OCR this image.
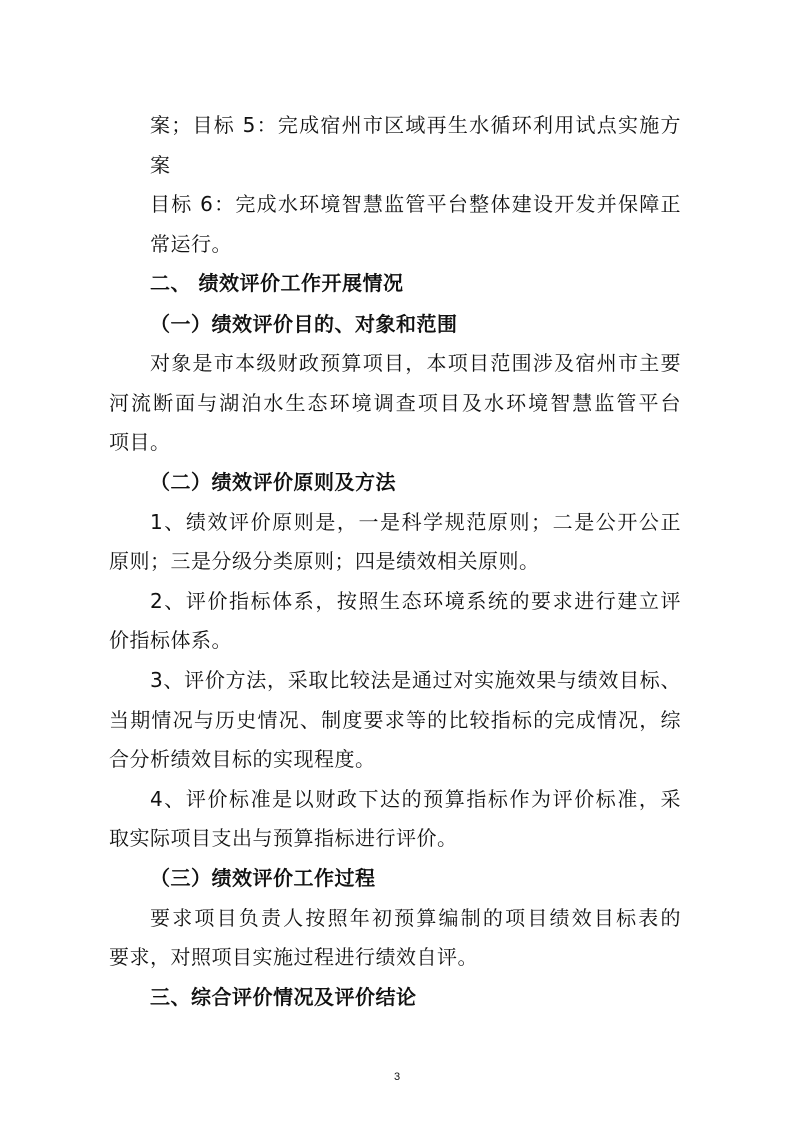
案；目标 5：完成宿州市区域再生水循环利用试点实施方
案
目标 6：完成水环境智慧监管平台整体建设开发并保障正
常运行。
二、 绩效评价工作开展情况
（一）绩效评价目的、对象和范围
对象是市本级财政预算项目，本项目范围涉及宿州市主要
河流断面与湖泊水生态环境调查项目及水环境智慧监管平台
项目。
（二）绩效评价原则及方法
1、绩效评价原则是，一是科学规范原则；二是公开公正
原则；三是分级分类原则；四是绩效相关原则。
2、评价指标体系，按照生态环境系统的要求进行建立评
价指标体系。
3、评价方法，采取比较法是通过对实施效果与绩效目标、
当期情况与历史情况、制度要求等的比较指标的完成情况，综
合分析绩效目标的实现程度。
4、评价标准是以财政下达的预算指标作为评价标准，采
取实际项目支出与预算指标进行评价。
（三）绩效评价工作过程
要求项目负责人按照年初预算编制的项目绩效目标表的
要求，对照项目实施过程进行绩效自评。
三、综合评价情况及评价结论
3
